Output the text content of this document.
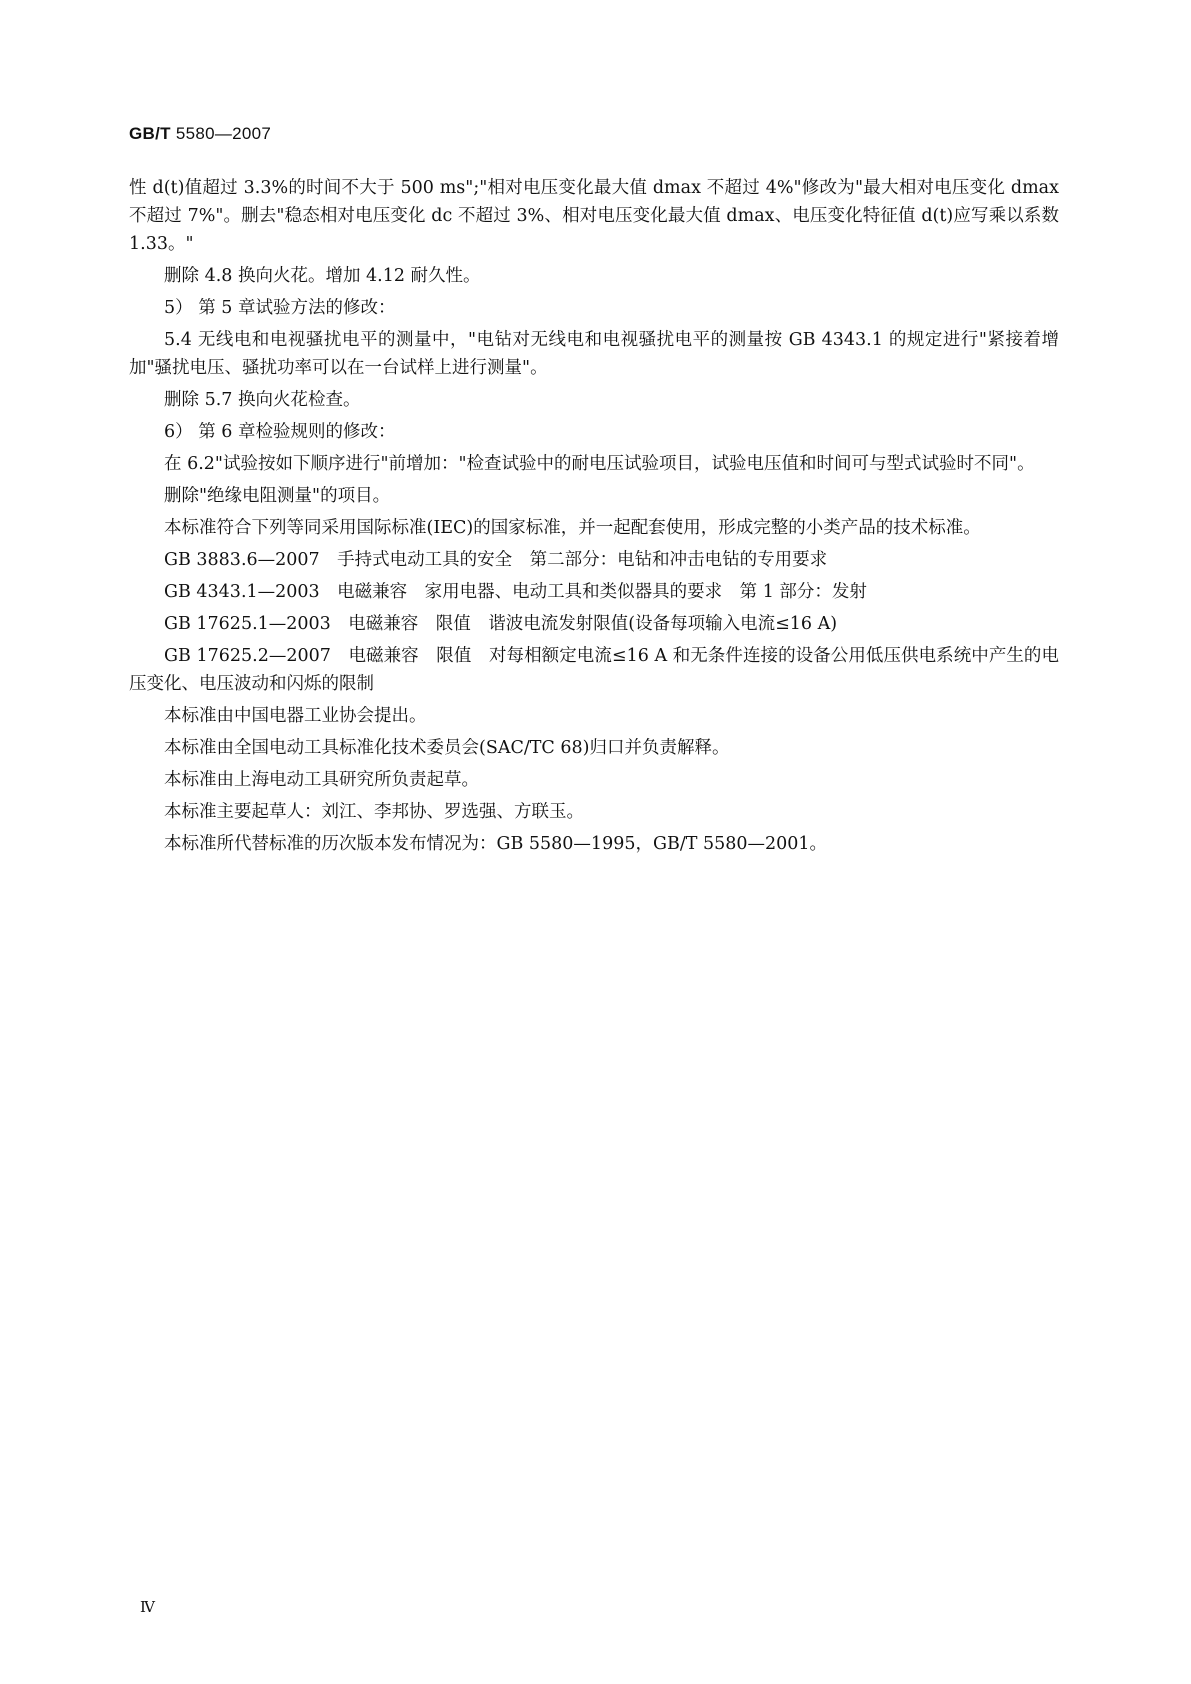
GB/T 5580—2007

性 d(t)值超过 3.3%的时间不大于 500 ms";"相对电压变化最大值 dmax 不超过 4%"修改为"最大相对电压变化 dmax 不超过 7%"。删去"稳态相对电压变化 dc 不超过 3%、相对电压变化最大值 dmax、电压变化特征值 d(t)应写乘以系数 1.33。"

删除 4.8 换向火花。增加 4.12 耐久性。

5） 第 5 章试验方法的修改：

5.4 无线电和电视骚扰电平的测量中，"电钻对无线电和电视骚扰电平的测量按 GB 4343.1 的规定进行"紧接着增加"骚扰电压、骚扰功率可以在一台试样上进行测量"。

删除 5.7 换向火花检查。

6） 第 6 章检验规则的修改：

在 6.2"试验按如下顺序进行"前增加："检查试验中的耐电压试验项目，试验电压值和时间可与型式试验时不同"。

删除"绝缘电阻测量"的项目。

本标准符合下列等同采用国际标准(IEC)的国家标准，并一起配套使用，形成完整的小类产品的技术标准。

GB 3883.6—2007　手持式电动工具的安全　第二部分：电钻和冲击电钻的专用要求

GB 4343.1—2003　电磁兼容　家用电器、电动工具和类似器具的要求　第 1 部分：发射

GB 17625.1—2003　电磁兼容　限值　谐波电流发射限值(设备每项输入电流≤16 A)

GB 17625.2—2007　电磁兼容　限值　对每相额定电流≤16 A 和无条件连接的设备公用低压供电系统中产生的电压变化、电压波动和闪烁的限制

本标准由中国电器工业协会提出。

本标准由全国电动工具标准化技术委员会(SAC/TC 68)归口并负责解释。

本标准由上海电动工具研究所负责起草。

本标准主要起草人：刘江、李邦协、罗选强、方联玉。

本标准所代替标准的历次版本发布情况为：GB 5580—1995，GB/T 5580—2001。

Ⅳ
